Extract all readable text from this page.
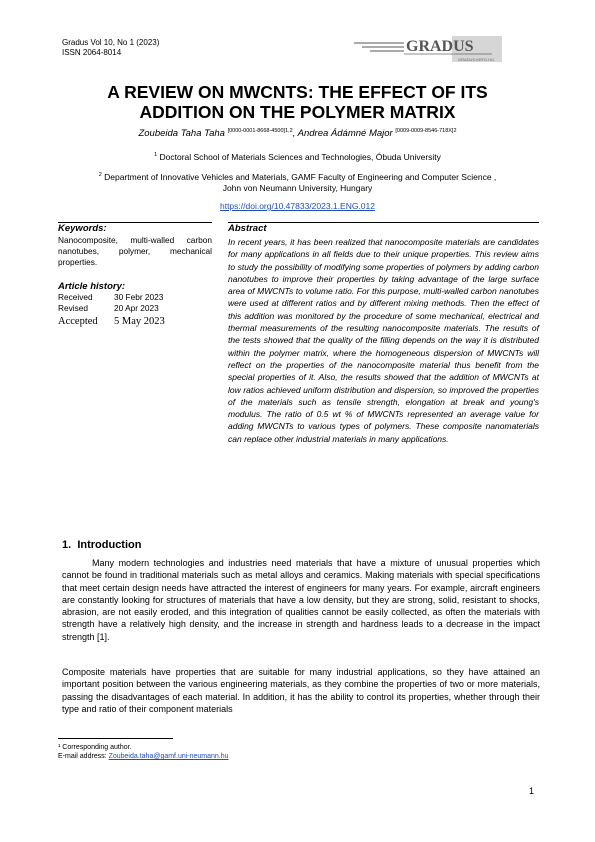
Gradus Vol 10, No 1 (2023)
ISSN 2064-8014	GRADUS
GRADUS.KEFO.HU
A REVIEW ON MWCNTS: THE EFFECT OF ITS
ADDITION ON THE POLYMER MATRIX
Zoubeida Taha Taha $^{[0000-0001-8668-4500]1,2}$, Andrea Ádámné Major $^{[0009-0009-8546-718X]2}$
$^1$ Doctoral School of Materials Sciences and Technologies, Óbuda University
$^2$ Department of Innovative Vehicles and Materials, GAMF Faculty of Engineering and Computer Science ,
John von Neumann University, Hungary
https://doi.org/10.47833/2023.1.ENG.012
Keywords:
Nanocomposite, multi-walled carbon nanotubes, polymer, mechanical properties.
Article history:
Received	30 Febr 2023
Revised	20 Apr 2023
Accepted	5 May 2023
Abstract
In recent years, it has been realized that nanocomposite materials are candidates for many applications in all fields due to their unique properties. This review aims to study the possibility of modifying some properties of polymers by adding carbon nanotubes to improve their properties by taking advantage of the large surface area of MWCNTs to volume ratio. For this purpose, multi-walled carbon nanotubes were used at different ratios and by different mixing methods. Then the effect of this addition was monitored by the procedure of some mechanical, electrical and thermal measurements of the resulting nanocomposite materials. The results of the tests showed that the quality of the filling depends on the way it is distributed within the polymer matrix, where the homogeneous dispersion of MWCNTs will reflect on the properties of the nanocomposite material thus benefit from the special properties of it. Also, the results showed that the addition of MWCNTs at low ratios achieved uniform distribution and dispersion, so improved the properties of the materials such as tensile strength, elongation at break and young's modulus. The ratio of 0.5 wt % of MWCNTs represented an average value for adding MWCNTs to various types of polymers. These composite nanomaterials can replace other industrial materials in many applications.
1. Introduction
Many modern technologies and industries need materials that have a mixture of unusual properties which cannot be found in traditional materials such as metal alloys and ceramics. Making materials with special specifications that meet certain design needs have attracted the interest of engineers for many years. For example, aircraft engineers are constantly looking for structures of materials that have a low density, but they are strong, solid, resistant to shocks, abrasion, are not easily eroded, and this integration of qualities cannot be easily collected, as often the materials with strength have a relatively high density, and the increase in strength and hardness leads to a decrease in the impact strength [1].
Composite materials have properties that are suitable for many industrial applications, so they have attained an important position between the various engineering materials, as they combine the properties of two or more materials, passing the disadvantages of each material. In addition, it has the ability to control its properties, whether through their type and ratio of their component materials
¹ Corresponding author.
E-mail address: Zoubeida.taha@gamf.uni-neumann.hu
1
